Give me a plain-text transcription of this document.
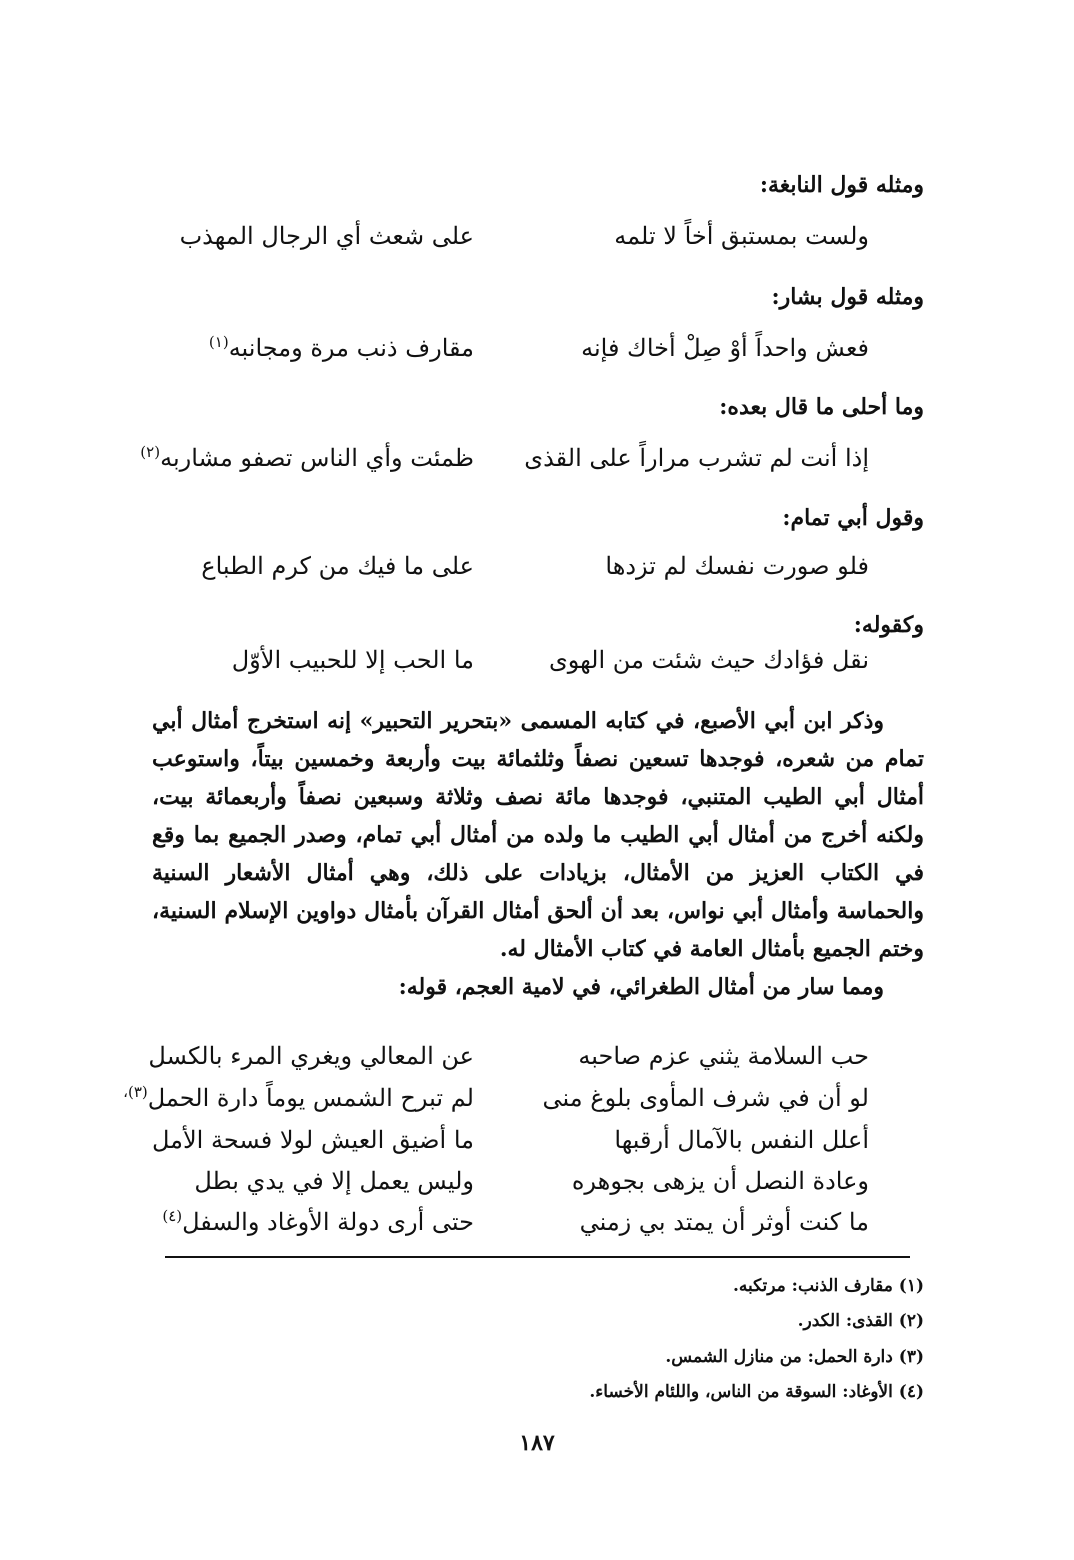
ومثله قول النابغة:
ومثله قول بشار:
وما أحلى ما قال بعده:
وقول أبي تمام:
وكقوله:
ولست بمستبق أخاً لا تلمه
على شعث أي الرجال المهذب
فعش واحداً أوْ صِلْ أخاك فإنه
مقارف ذنب مرة ومجانبه$^{(١)}$
إذا أنت لم تشرب مراراً على القذى
ظمئت وأي الناس تصفو مشاربه$^{(٢)}$
فلو صورت نفسك لم تزدها
على ما فيك من كرم الطباع
نقل فؤادك حيث شئت من الهوى
ما الحب إلا للحبيب الأوّل

وذكر ابن أبي الأصبع، في كتابه المسمى «بتحرير التحبير» إنه استخرج أمثال أبي تمام من شعره، فوجدها تسعين نصفاً وثلثمائة بيت وأربعة وخمسين بيتاً، واستوعب أمثال أبي الطيب المتنبي، فوجدها مائة نصف وثلاثة وسبعين نصفاً وأربعمائة بيت، ولكنه أخرج من أمثال أبي الطيب ما ولده من أمثال أبي تمام، وصدر الجميع بما وقع في الكتاب العزيز من الأمثال، بزيادات على ذلك، وهي أمثال الأشعار السنية والحماسة وأمثال أبي نواس، بعد أن ألحق أمثال القرآن بأمثال دواوين الإسلام السنية، وختم الجميع بأمثال العامة في كتاب الأمثال له.

ومما سار من أمثال الطغرائي، في لامية العجم، قوله:

حب السلامة يثني عزم صاحبه
عن المعالي ويغري المرء بالكسل
لو أن في شرف المأوى بلوغ منى
لم تبرح الشمس يوماً دارة الحمل$^{(٣)،}$
أعلل النفس بالآمال أرقبها
ما أضيق العيش لولا فسحة الأمل
وعادة النصل أن يزهى بجوهره
وليس يعمل إلا في يدي بطل
ما كنت أوثر أن يمتد بي زمني
حتى أرى دولة الأوغاد والسفل$^{(٤)}$
(١) مقارف الذنب: مرتكبه.
(٢) القذى: الكدر.
(٣) دارة الحمل: من منازل الشمس.
(٤) الأوغاد: السوقة من الناس، واللئام الأخساء.
١٨٧
